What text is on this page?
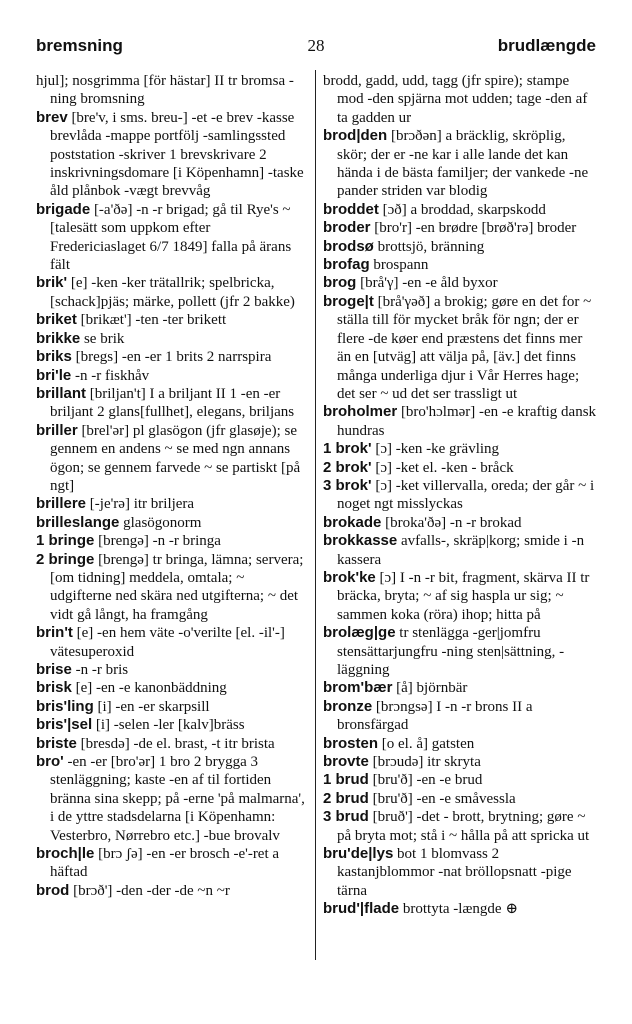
bremsning	28	brudlængde
hjul]; nosgrimma [för hästar] II tr bromsa -ning bromsning
brev [bre'v, i sms. breu-] -et -e brev -kasse brevlåda -mappe portfölj -samlingssted poststation -skriver 1 brevskrivare 2 inskrivningsdomare [i Köpenhamn] -taske åld plånbok -vægt brevvåg
brigade [-a'ðə] -n -r brigad; gå til Rye's ~ [talesätt som uppkom efter Fredericiaslaget 6/7 1849] falla på ärans fält
brik' [e] -ken -ker trätallrik; spelbricka, [schack]pjäs; märke, pollett (jfr 2 bakke)
briket [brikæt'] -ten -ter brikett
brikke se brik
briks [bregs] -en -er 1 brits 2 narrspira
bri'le -n -r fiskhåv
brillant [briljan't] I a briljant II 1 -en -er briljant 2 glans[fullhet], elegans, briljans
briller [brel'ər] pl glasögon (jfr glasøje); se gennem en andens ~ se med ngn annans ögon; se gennem farvede ~ se partiskt [på ngt]
brillere [-je'rə] itr briljera
brilleslange glasögonorm
1 bringe [brengə] -n -r bringa
2 bringe [brengə] tr bringa, lämna; servera; [om tidning] meddela, omtala; ~ udgifterne ned skära ned utgifterna; ~ det vidt gå långt, ha framgång
brin't [e] -en hem väte -o'verilte [el. -il'-] vätesuperoxid
brise -n -r bris
brisk [e] -en -e kanonbäddning
bris'ling [i] -en -er skarpsill
bris'|sel [i] -selen -ler [kalv]bräss
briste [bresdə] -de el. brast, -t itr brista
bro' -en -er [bro'ər] 1 bro 2 brygga 3 stenläggning; kaste -en af til fortiden bränna sina skepp; på -erne 'på malmarna', i de yttre stadsdelarna [i Köpenhamn: Vesterbro, Nørrebro etc.] -bue brovalv
broch|le [brɔ ʃə] -en -er brosch -e'-ret a häftad
brod [brɔð'] -den -der -de ~n ~r
brodd, gadd, udd, tagg (jfr spire); stampe mod -den spjärna mot udden; tage -den af ta gadden ur
brod|den [brɔðən] a bräcklig, skröplig, skör; der er -ne kar i alle lande det kan hända i de bästa familjer; der vankede -ne pander striden var blodig
broddet [ɔð] a broddad, skarpskodd
broder [bro'r] -en brødre [brøð'rə] broder
brodsø brottsjö, bränning
brofag brospann
brog [brå'γ] -en -e åld byxor
broge|t [brå'γəð] a brokig; gøre en det for ~ ställa till för mycket bråk för ngn; der er flere -de køer end præstens det finns mer än en [utväg] att välja på, [äv.] det finns många underliga djur i Vår Herres hage; det ser ~ ud det ser trassligt ut
broholmer [bro'hɔlmər] -en -e kraftig dansk hundras
1 brok' [ɔ] -ken -ke grävling
2 brok' [ɔ] -ket el. -ken - bråck
3 brok' [ɔ] -ket villervalla, oreda; der går ~ i noget ngt misslyckas
brokade [broka'ðə] -n -r brokad
brokkasse avfalls-, skräp|korg; smide i -n kassera
brok'ke [ɔ] I -n -r bit, fragment, skärva II tr bräcka, bryta; ~ af sig haspla ur sig; ~ sammen koka (röra) ihop; hitta på
brolæg|ge tr stenlägga -ger|jomfru stensättarjungfru -ning sten|sättning, -läggning
brom'bær [å] björnbär
bronze [brɔngsə] I -n -r brons II a bronsfärgad
brosten [o el. å] gatsten
brovte [brɔudə] itr skryta
1 brud [bru'ð] -en -e brud
2 brud [bru'ð] -en -e småvessla
3 brud [bruð'] -det - brott, brytning; gøre ~ på bryta mot; stå i ~ hålla på att spricka ut
bru'de|lys bot 1 blomvass 2 kastanjblommor -nat bröllopsnatt -pige tärna
brud'|flade brottyta -længde ⊕
